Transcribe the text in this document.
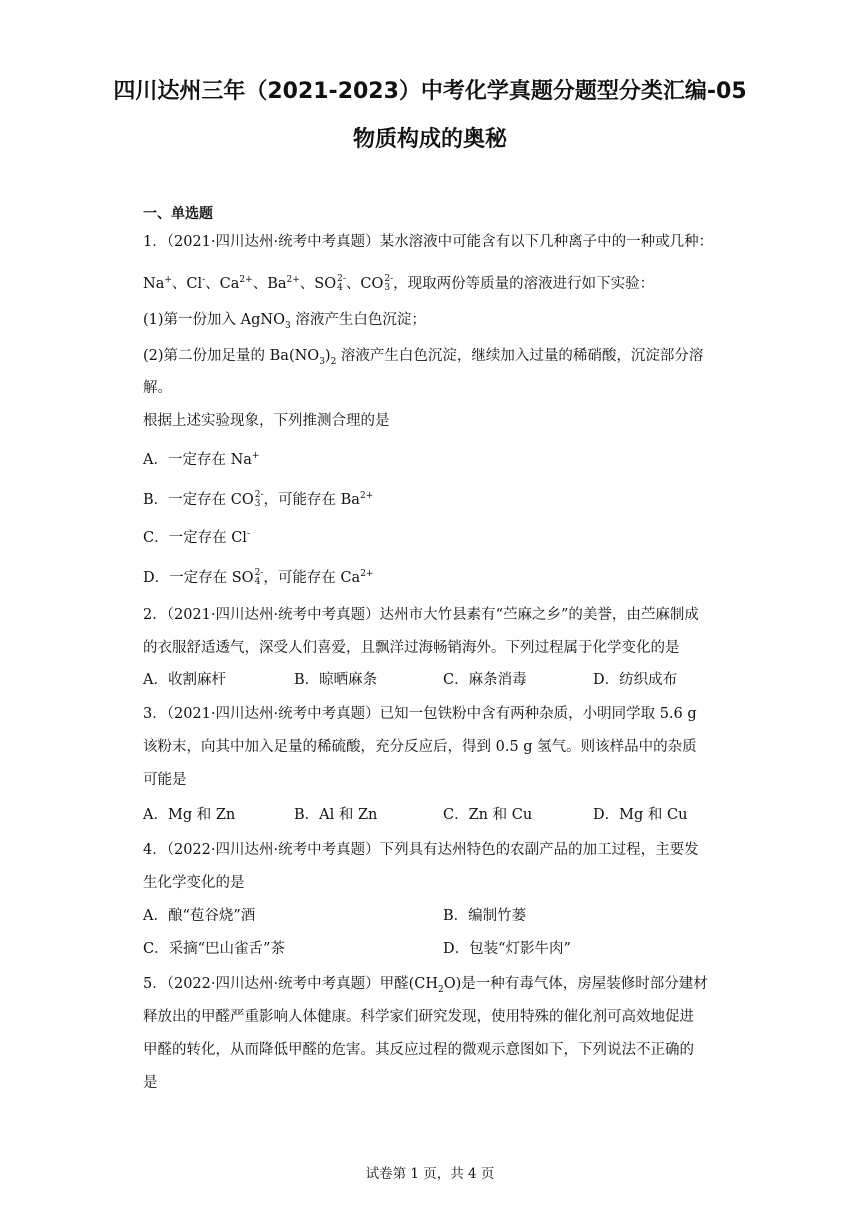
四川达州三年（2021-2023）中考化学真题分题型分类汇编-05
物质构成的奥秘
一、单选题
1．（2021·四川达州·统考中考真题）某水溶液中可能含有以下几种离子中的一种或几种：
Na+、Cl-、$Ca^{2+}$、$Ba^{2+}$、SO 2-
4 、CO 2-
3 ，现取两份等质量的溶液进行如下实验：
(1)第一份加入 AgNO$_3$ 溶液产生白色沉淀；
(2)第二份加足量的 $Ba(NO_3)_2$ 溶液产生白色沉淀，继续加入过量的稀硝酸，沉淀部分溶
解。
根据上述实验现象，下列推测合理的是
A．一定存在 Na+
B．一定存在 CO 2-
3 ，可能存在 $Ba^{2+}$
C．一定存在 Cl-
D．一定存在 SO 2-
4 ，可能存在 $Ca^{2+}$
2．（2021·四川达州·统考中考真题）达州市大竹县素有“苎麻之乡”的美誉，由苎麻制成
的衣服舒适透气，深受人们喜爱，且飘洋过海畅销海外。下列过程属于化学变化的是
A．收割麻杆	B．晾晒麻条	C．麻条消毒	D．纺织成布
3．（2021·四川达州·统考中考真题）已知一包铁粉中含有两种杂质，小明同学取 5.6 g
该粉末，向其中加入足量的稀硫酸，充分反应后，得到 0.5 g 氢气。则该样品中的杂质
可能是
A．Mg 和 Zn	B．Al 和 Zn	C．Zn 和 Cu	D．Mg 和 Cu
4．（2022·四川达州·统考中考真题）下列具有达州特色的农副产品的加工过程，主要发
生化学变化的是
A．酿“苞谷烧”酒	B．编制竹蒌
C．采摘“巴山雀舌”茶	D．包装“灯影牛肉”
5．（2022·四川达州·统考中考真题）甲醛$(CH_2O)$是一种有毒气体，房屋装修时部分建材
释放出的甲醛严重影响人体健康。科学家们研究发现，使用特殊的催化剂可高效地促进
甲醛的转化，从而降低甲醛的危害。其反应过程的微观示意图如下，下列说法不正确的
是
试卷第 1 页，共 4 页
